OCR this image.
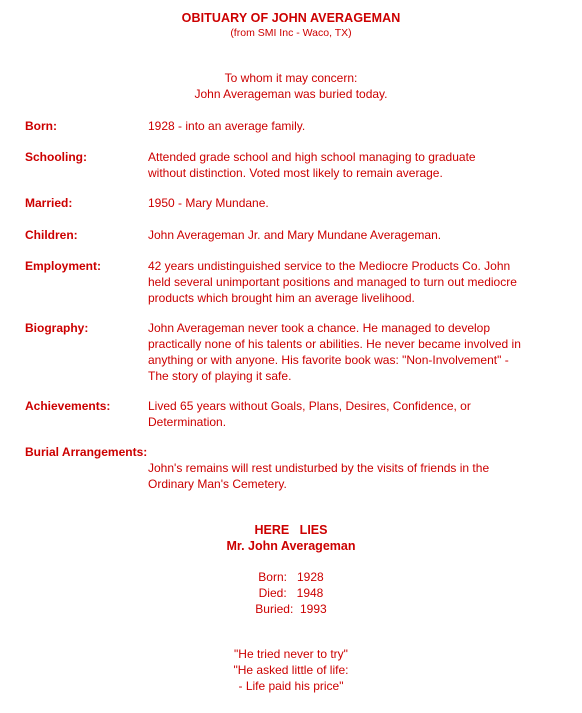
OBITUARY OF JOHN AVERAGEMAN
(from SMI Inc - Waco, TX)
To whom it may concern:
John Averageman was buried today.
Born:	1928 - into an average family.
Schooling:	Attended grade school and high school managing to graduate
without distinction. Voted most likely to remain average.
Married:	1950 - Mary Mundane.
Children:	John Averageman Jr. and Mary Mundane Averageman.
Employment:	42 years undistinguished service to the Mediocre Products Co. John
held several unimportant positions and managed to turn out mediocre
products which brought him an average livelihood.
Biography:	John Averageman never took a chance. He managed to develop
practically none of his talents or abilities. He never became involved in
anything or with anyone. His favorite book was: "Non-Involvement" -
The story of playing it safe.
Achievements:	Lived 65 years without Goals, Plans, Desires, Confidence, or
Determination.
Burial Arrangements:
John's remains will rest undisturbed by the visits of friends in the
Ordinary Man's Cemetery.
HERE   LIES
Mr. John Averageman
Born:   1928
Died:   1948
Buried:  1993
"He tried never to try"
"He asked little of life:
- Life paid his price"
